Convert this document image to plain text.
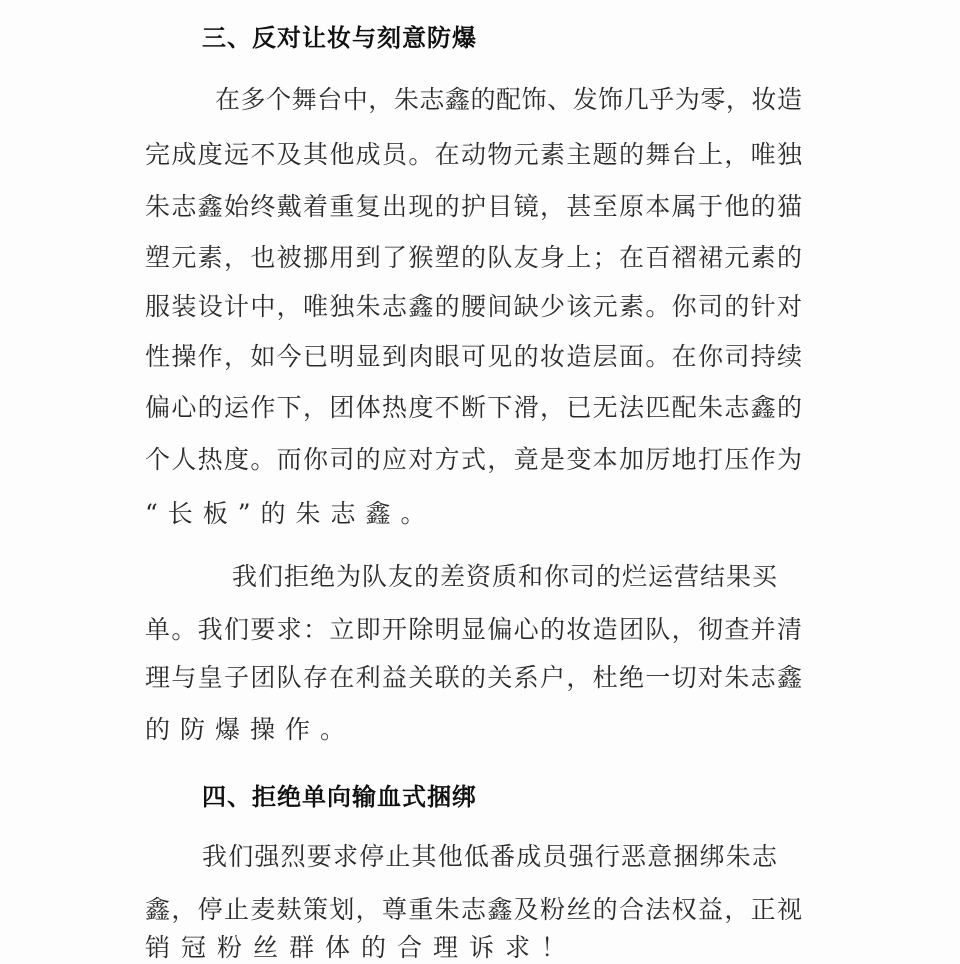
三、反对让妆与刻意防爆
在多个舞台中，朱志鑫的配饰、发饰几乎为零，妆造
完成度远不及其他成员。在动物元素主题的舞台上，唯独
朱志鑫始终戴着重复出现的护目镜，甚至原本属于他的猫
塑元素，也被挪用到了猴塑的队友身上；在百褶裙元素的
服装设计中，唯独朱志鑫的腰间缺少该元素。你司的针对
性操作，如今已明显到肉眼可见的妆造层面。在你司持续
偏心的运作下，团体热度不断下滑，已无法匹配朱志鑫的
个人热度。而你司的应对方式，竟是变本加厉地打压作为
“长板”的朱志鑫。
我们拒绝为队友的差资质和你司的烂运营结果买
单。我们要求：立即开除明显偏心的妆造团队，彻查并清
理与皇子团队存在利益关联的关系户，杜绝一切对朱志鑫
的防爆操作。
四、拒绝单向输血式捆绑
我们强烈要求停止其他低番成员强行恶意捆绑朱志
鑫，停止麦麸策划，尊重朱志鑫及粉丝的合法权益，正视
销冠粉丝群体的合理诉求！
